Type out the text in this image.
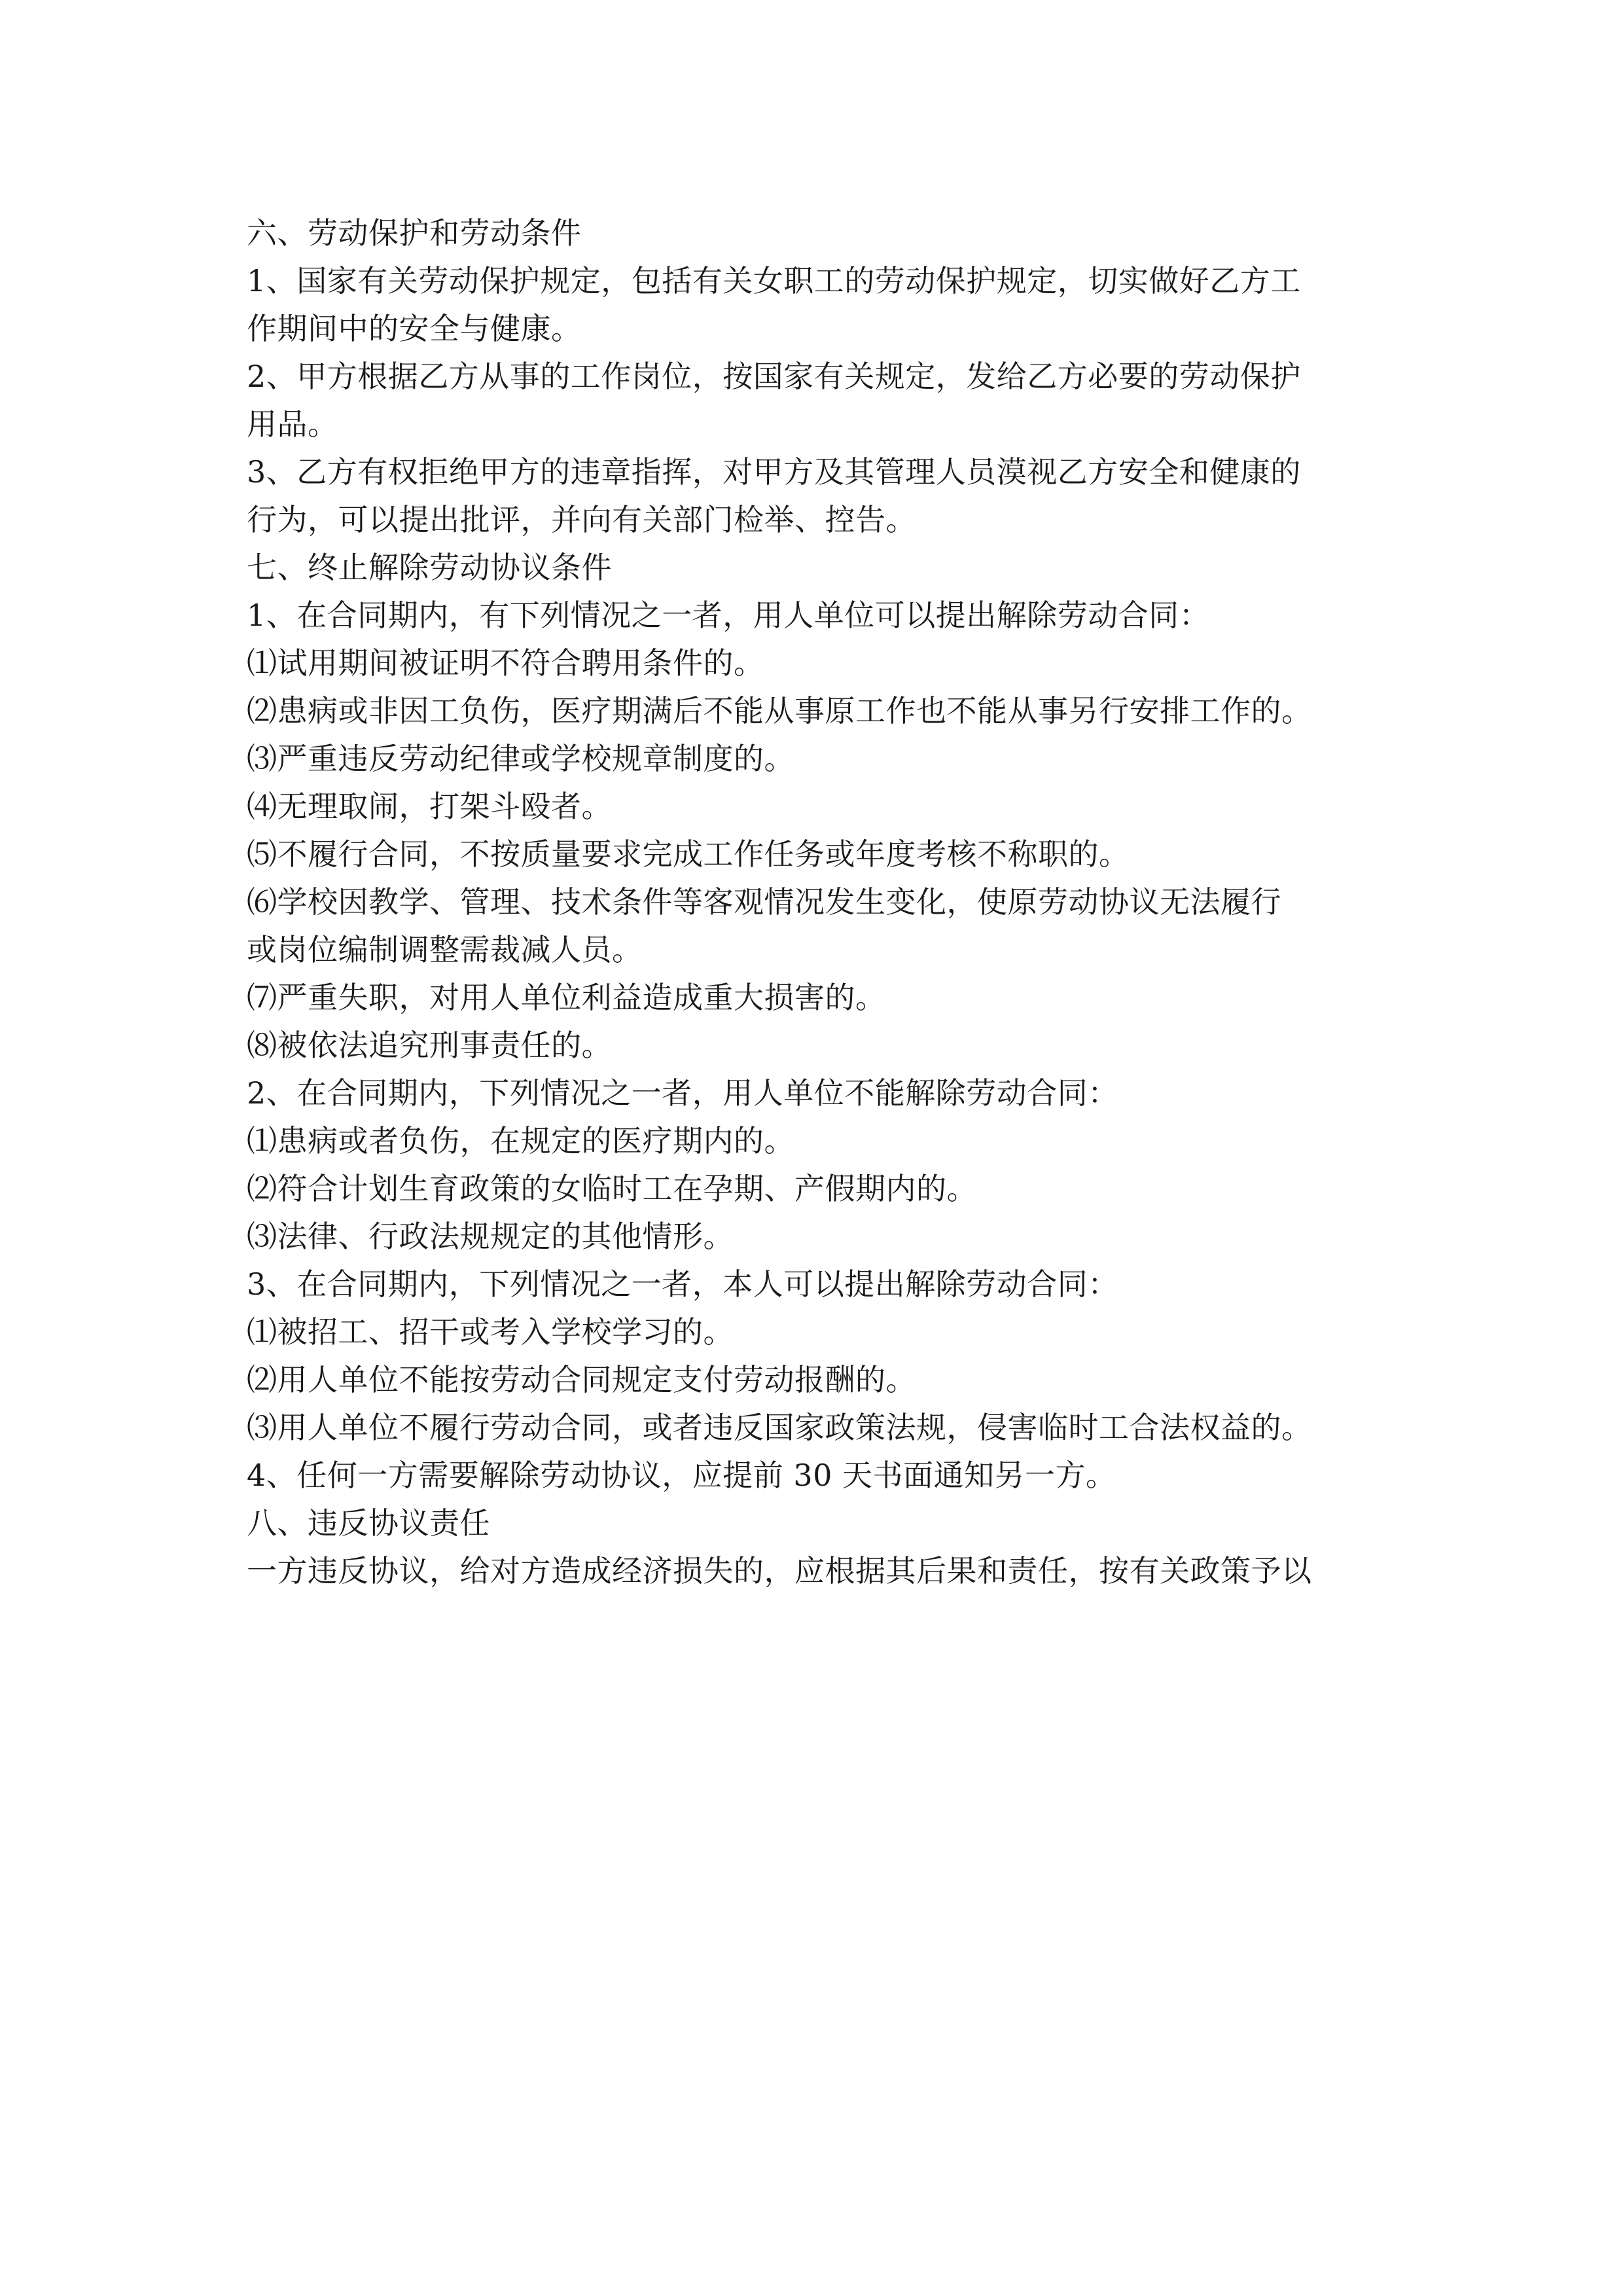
六、劳动保护和劳动条件

1、国家有关劳动保护规定，包括有关女职工的劳动保护规定，切实做好乙方工

作期间中的安全与健康。

2、甲方根据乙方从事的工作岗位，按国家有关规定，发给乙方必要的劳动保护

用品。

3、乙方有权拒绝甲方的违章指挥，对甲方及其管理人员漠视乙方安全和健康的

行为，可以提出批评，并向有关部门检举、控告。

七、终止解除劳动协议条件

1、在合同期内，有下列情况之一者，用人单位可以提出解除劳动合同：

⑴试用期间被证明不符合聘用条件的。

⑵患病或非因工负伤，医疗期满后不能从事原工作也不能从事另行安排工作的。

⑶严重违反劳动纪律或学校规章制度的。

⑷无理取闹，打架斗殴者。

⑸不履行合同，不按质量要求完成工作任务或年度考核不称职的。

⑹学校因教学、管理、技术条件等客观情况发生变化，使原劳动协议无法履行

或岗位编制调整需裁减人员。

⑺严重失职，对用人单位利益造成重大损害的。

⑻被依法追究刑事责任的。

2、在合同期内，下列情况之一者，用人单位不能解除劳动合同：

⑴患病或者负伤，在规定的医疗期内的。

⑵符合计划生育政策的女临时工在孕期、产假期内的。

⑶法律、行政法规规定的其他情形。

3、在合同期内，下列情况之一者，本人可以提出解除劳动合同：

⑴被招工、招干或考入学校学习的。

⑵用人单位不能按劳动合同规定支付劳动报酬的。

⑶用人单位不履行劳动合同，或者违反国家政策法规，侵害临时工合法权益的。

4、任何一方需要解除劳动协议，应提前 30 天书面通知另一方。

八、违反协议责任

一方违反协议，给对方造成经济损失的，应根据其后果和责任，按有关政策予以
